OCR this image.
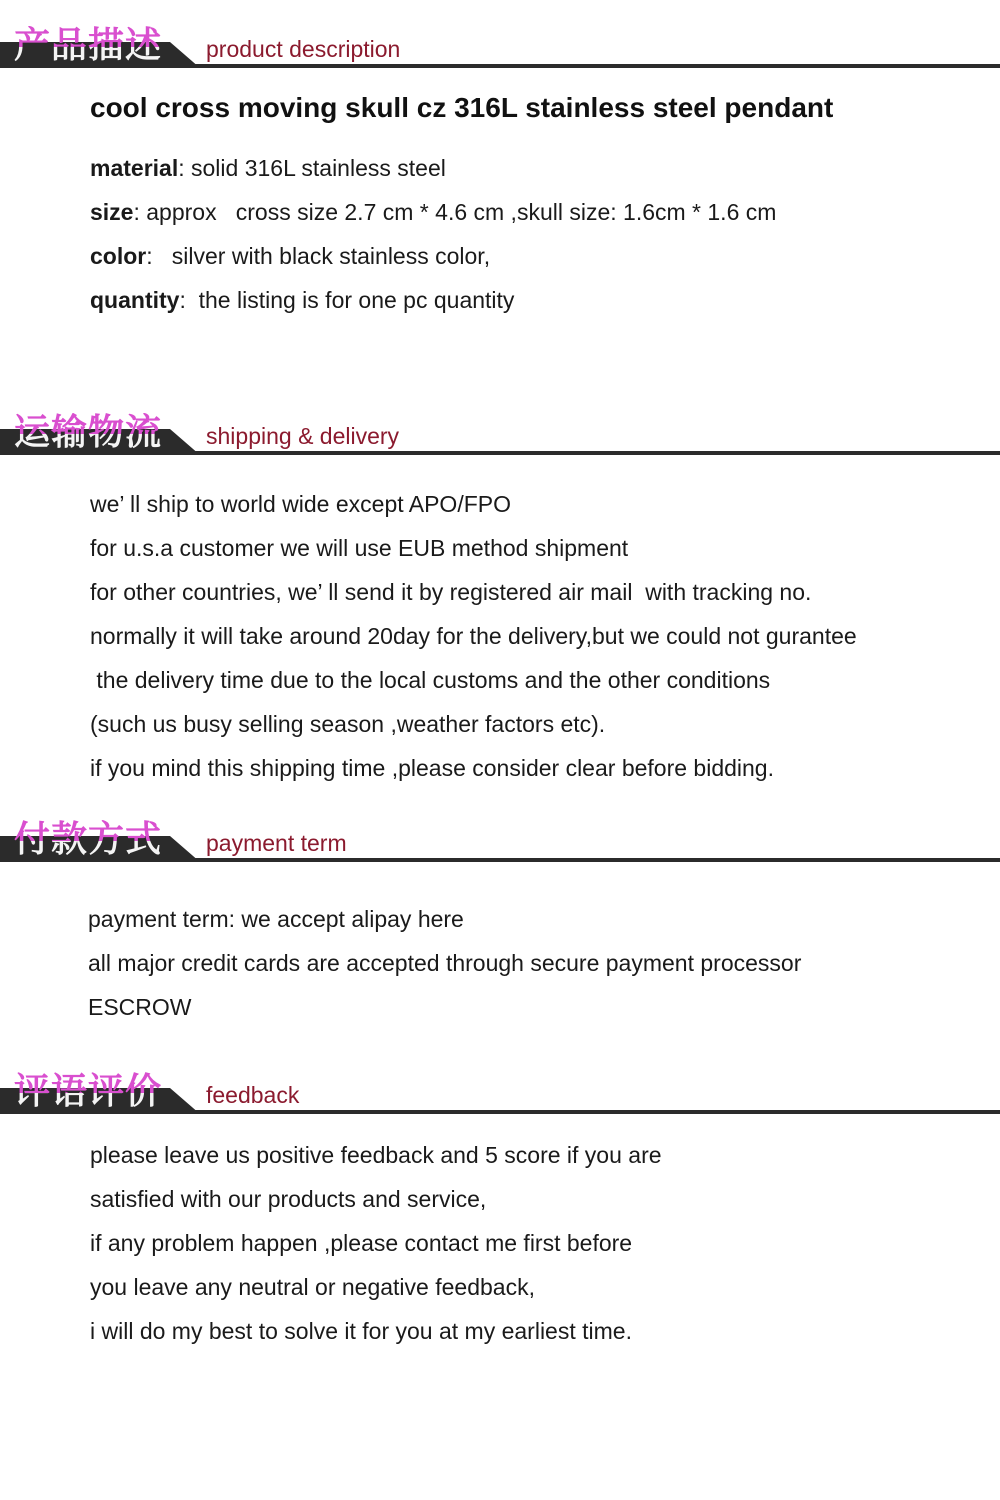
产品描述 product description
cool cross moving skull cz 316L stainless steel pendant
material: solid 316L stainless steel
size: approx   cross size 2.7 cm * 4.6 cm ,skull size: 1.6cm * 1.6 cm
color:   silver with black stainless color,
quantity:  the listing is for one pc quantity
运输物流 shipping & delivery
we’ ll ship to world wide except APO/FPO
for u.s.a customer we will use EUB method shipment
for other countries, we’ ll send it by registered air mail  with tracking no.
normally it will take around 20day for the delivery,but we could not gurantee
the delivery time due to the local customs and the other conditions
(such us busy selling season ,weather factors etc).
if you mind this shipping time ,please consider clear before bidding.
付款方式 payment term
payment term: we accept alipay here
all major credit cards are accepted through secure payment processor
ESCROW
评语评价 feedback
please leave us positive feedback and 5 score if you are
satisfied with our products and service,
if any problem happen ,please contact me first before
you leave any neutral or negative feedback,
i will do my best to solve it for you at my earliest time.
